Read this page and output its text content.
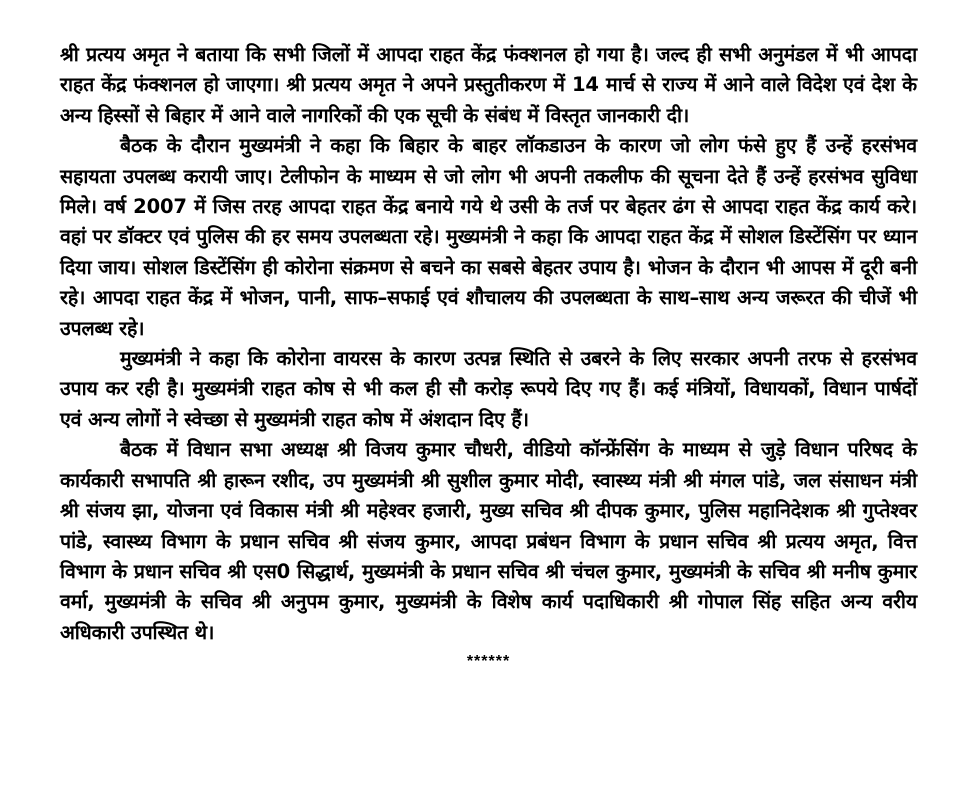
श्री प्रत्यय अमृत ने बताया कि सभी जिलों में आपदा राहत केंद्र फंक्शनल हो गया है। जल्द ही सभी अनुमंडल में भी आपदा राहत केंद्र फंक्शनल हो जाएगा। श्री प्रत्यय अमृत ने अपने प्रस्तुतीकरण में 14 मार्च से राज्य में आने वाले विदेश एवं देश के अन्य हिस्सों से बिहार में आने वाले नागरिकों की एक सूची के संबंध में विस्तृत जानकारी दी।

बैठक के दौरान मुख्यमंत्री ने कहा कि बिहार के बाहर लॉकडाउन के कारण जो लोग फंसे हुए हैं उन्हें हरसंभव सहायता उपलब्ध करायी जाए। टेलीफोन के माध्यम से जो लोग भी अपनी तकलीफ की सूचना देते हैं उन्हें हरसंभव सुविधा मिले। वर्ष 2007 में जिस तरह आपदा राहत केंद्र बनाये गये थे उसी के तर्ज पर बेहतर ढंग से आपदा राहत केंद्र कार्य करे। वहां पर डॉक्टर एवं पुलिस की हर समय उपलब्धता रहे। मुख्यमंत्री ने कहा कि आपदा राहत केंद्र में सोशल डिस्टेंसिंग पर ध्यान दिया जाय। सोशल डिस्टेंसिंग ही कोरोना संक्रमण से बचने का सबसे बेहतर उपाय है। भोजन के दौरान भी आपस में दूरी बनी रहे। आपदा राहत केंद्र में भोजन, पानी, साफ–सफाई एवं शौचालय की उपलब्धता के साथ–साथ अन्य जरूरत की चीजें भी उपलब्ध रहे।

मुख्यमंत्री ने कहा कि कोरोना वायरस के कारण उत्पन्न स्थिति से उबरने के लिए सरकार अपनी तरफ से हरसंभव उपाय कर रही है। मुख्यमंत्री राहत कोष से भी कल ही सौ करोड़ रूपये दिए गए हैं। कई मंत्रियों, विधायकों, विधान पार्षदों एवं अन्य लोगों ने स्वेच्छा से मुख्यमंत्री राहत कोष में अंशदान दिए हैं।

बैठक में विधान सभा अध्यक्ष श्री विजय कुमार चौधरी, वीडियो कॉन्फ्रेंसिंग के माध्यम से जुड़े विधान परिषद के कार्यकारी सभापति श्री हारून रशीद, उप मुख्यमंत्री श्री सुशील कुमार मोदी, स्वास्थ्य मंत्री श्री मंगल पांडे, जल संसाधन मंत्री श्री संजय झा, योजना एवं विकास मंत्री श्री महेश्वर हजारी, मुख्य सचिव श्री दीपक कुमार, पुलिस महानिदेशक श्री गुप्तेश्वर पांडे, स्वास्थ्य विभाग के प्रधान सचिव श्री संजय कुमार, आपदा प्रबंधन विभाग के प्रधान सचिव श्री प्रत्यय अमृत, वित्त विभाग के प्रधान सचिव श्री एस0 सिद्धार्थ, मुख्यमंत्री के प्रधान सचिव श्री चंचल कुमार, मुख्यमंत्री के सचिव श्री मनीष कुमार वर्मा, मुख्यमंत्री के सचिव श्री अनुपम कुमार, मुख्यमंत्री के विशेष कार्य पदाधिकारी श्री गोपाल सिंह सहित अन्य वरीय अधिकारी उपस्थित थे।

******
